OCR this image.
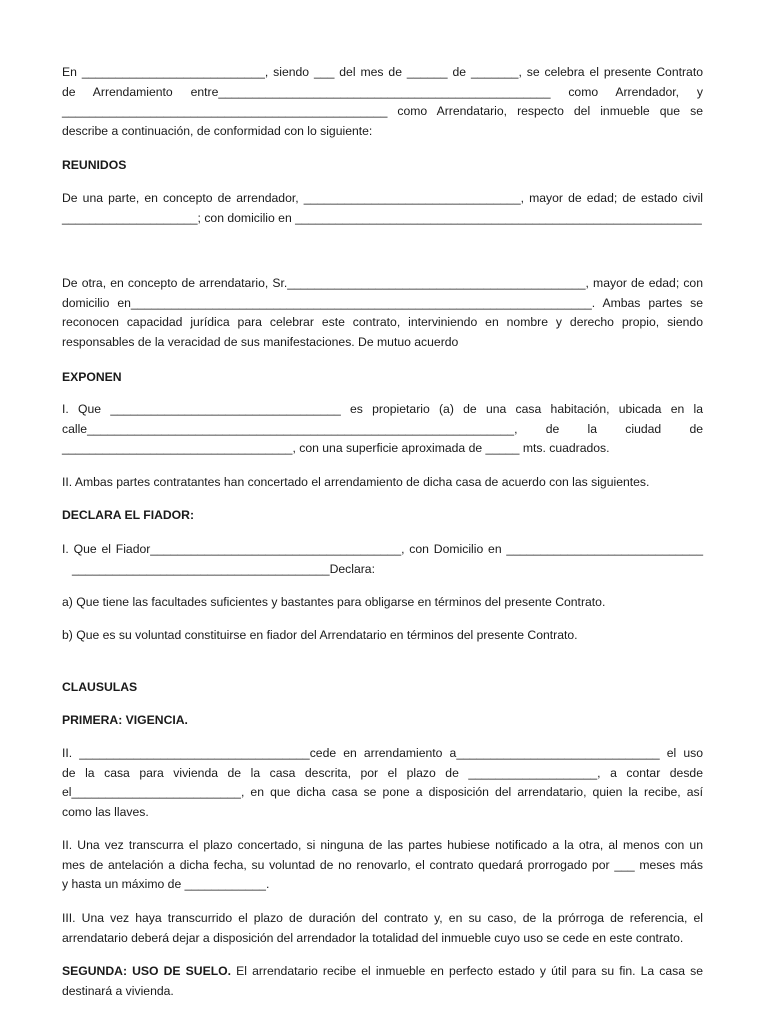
En ___________________________, siendo ___ del mes de ______ de _______, se celebra el presente Contrato
de Arrendamiento entre_________________________________________________ como Arrendador, y
________________________________________________ como Arrendatario, respecto del inmueble que se
describe a continuación, de conformidad con lo siguiente:

REUNIDOS

De una parte, en concepto de arrendador, ________________________________, mayor de edad; de estado civil
____________________; con domicilio en ____________________________________________________________

De otra, en concepto de arrendatario, Sr.____________________________________________, mayor de edad; con
domicilio en____________________________________________________________________. Ambas partes se
reconocen capacidad jurídica para celebrar este contrato, interviniendo en nombre y derecho propio, siendo
responsables de la veracidad de sus manifestaciones. De mutuo acuerdo

EXPONEN

I. Que __________________________________ es propietario (a) de una casa habitación, ubicada en la
calle_______________________________________________________________, de la ciudad de
__________________________________, con una superficie aproximada de _____ mts. cuadrados.

II. Ambas partes contratantes han concertado el arrendamiento de dicha casa de acuerdo con las siguientes.

DECLARA EL FIADOR:

I. Que el Fiador_____________________________________, con Domicilio en _____________________________
______________________________________Declara:

a) Que tiene las facultades suficientes y bastantes para obligarse en términos del presente Contrato.

b) Que es su voluntad constituirse en fiador del Arrendatario en términos del presente Contrato.

CLAUSULAS

PRIMERA: VIGENCIA.

II. __________________________________cede en arrendamiento a______________________________ el uso
de la casa para vivienda de la casa descrita, por el plazo de ___________________, a contar desde
el_________________________, en que dicha casa se pone a disposición del arrendatario, quien la recibe, así
como las llaves.

II. Una vez transcurra el plazo concertado, si ninguna de las partes hubiese notificado a la otra, al menos con un
mes de antelación a dicha fecha, su voluntad de no renovarlo, el contrato quedará prorrogado por ___ meses más
y hasta un máximo de ____________.

III. Una vez haya transcurrido el plazo de duración del contrato y, en su caso, de la prórroga de referencia, el
arrendatario deberá dejar a disposición del arrendador la totalidad del inmueble cuyo uso se cede en este contrato.

SEGUNDA: USO DE SUELO. El arrendatario recibe el inmueble en perfecto estado y útil para su fin. La casa se
destinará a vivienda.
